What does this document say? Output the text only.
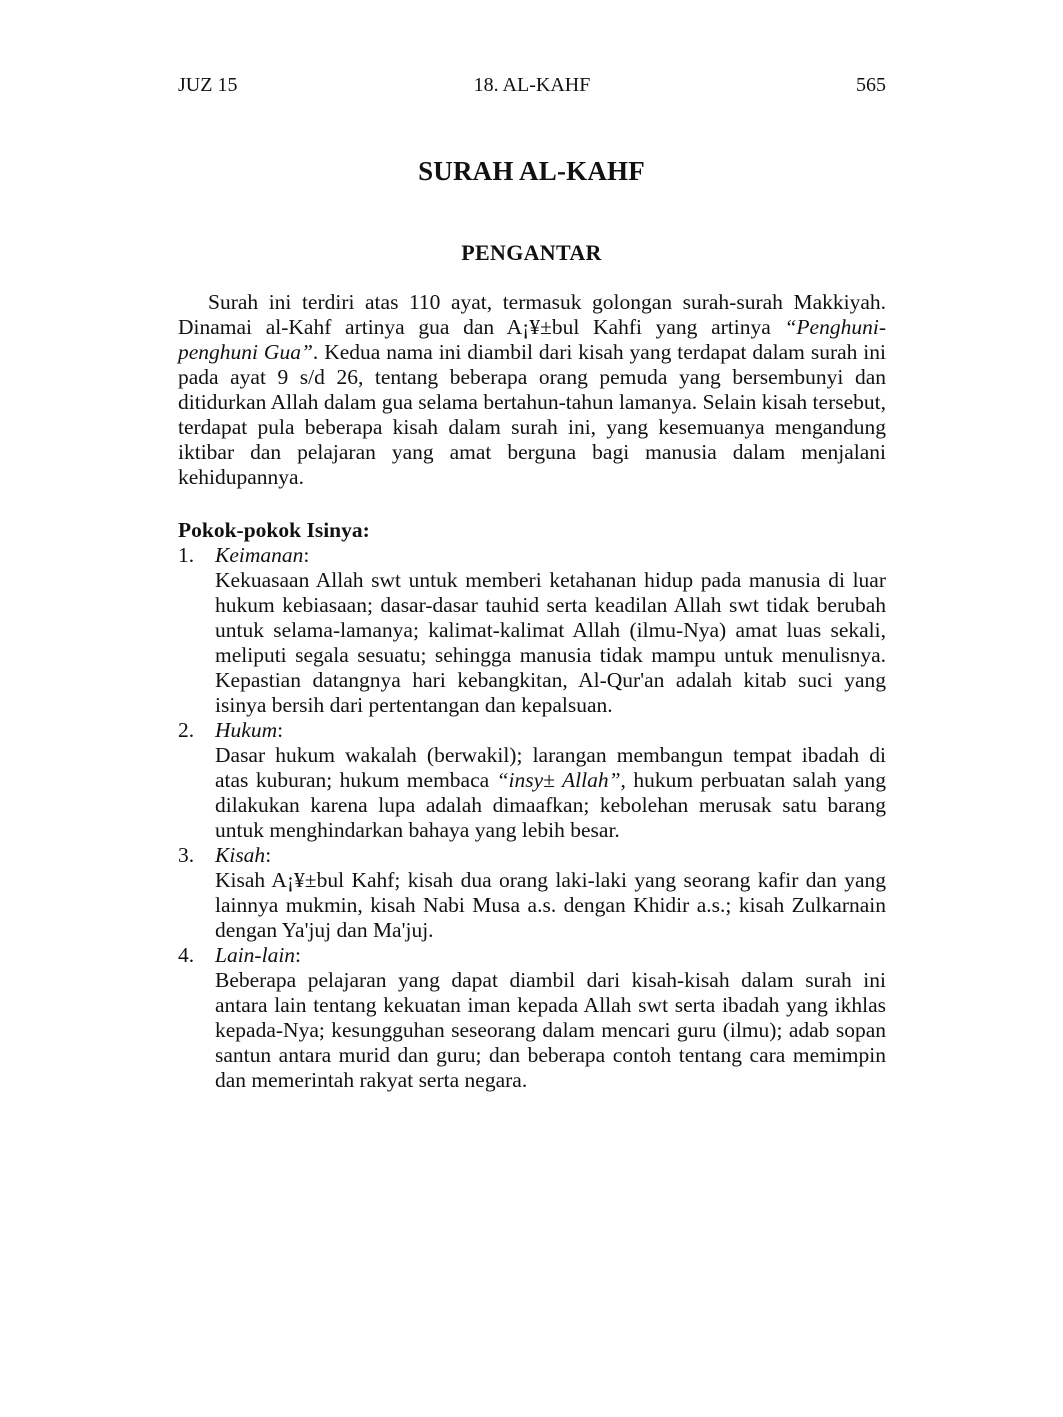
JUZ 15	18. AL-KAHF	565
SURAH AL-KAHF
PENGANTAR

Surah ini terdiri atas 110 ayat, termasuk golongan surah-surah Makkiyah. Dinamai al-Kahf artinya gua dan A¡¥±bul Kahfi yang artinya “Penghuni-penghuni Gua”. Kedua nama ini diambil dari kisah yang terdapat dalam surah ini pada ayat 9 s/d 26, tentang beberapa orang pemuda yang bersembunyi dan ditidurkan Allah dalam gua selama bertahun-tahun lamanya. Selain kisah tersebut, terdapat pula beberapa kisah dalam surah ini, yang kesemuanya mengandung iktibar dan pelajaran yang amat berguna bagi manusia dalam menjalani kehidupannya.

Pokok-pokok Isinya:
1. Keimanan:

Kekuasaan Allah swt untuk memberi ketahanan hidup pada manusia di luar hukum kebiasaan; dasar-dasar tauhid serta keadilan Allah swt tidak berubah untuk selama-lamanya; kalimat-kalimat Allah (ilmu-Nya) amat luas sekali, meliputi segala sesuatu; sehingga manusia tidak mampu untuk menulisnya. Kepastian datangnya hari kebangkitan, Al-Qur'an adalah kitab suci yang isinya bersih dari pertentangan dan kepalsuan.

2. Hukum:

Dasar hukum wakalah (berwakil); larangan membangun tempat ibadah di atas kuburan; hukum membaca “insy± Allah”, hukum perbuatan salah yang dilakukan karena lupa adalah dimaafkan; kebolehan merusak satu barang untuk menghindarkan bahaya yang lebih besar.

3. Kisah:

Kisah A¡¥±bul Kahf; kisah dua orang laki-laki yang seorang kafir dan yang lainnya mukmin, kisah Nabi Musa a.s. dengan Khidir a.s.; kisah Zulkarnain dengan Ya'juj dan Ma'juj.

4. Lain-lain:

Beberapa pelajaran yang dapat diambil dari kisah-kisah dalam surah ini antara lain tentang kekuatan iman kepada Allah swt serta ibadah yang ikhlas kepada-Nya; kesungguhan seseorang dalam mencari guru (ilmu); adab sopan santun antara murid dan guru; dan beberapa contoh tentang cara memimpin dan memerintah rakyat serta negara.
